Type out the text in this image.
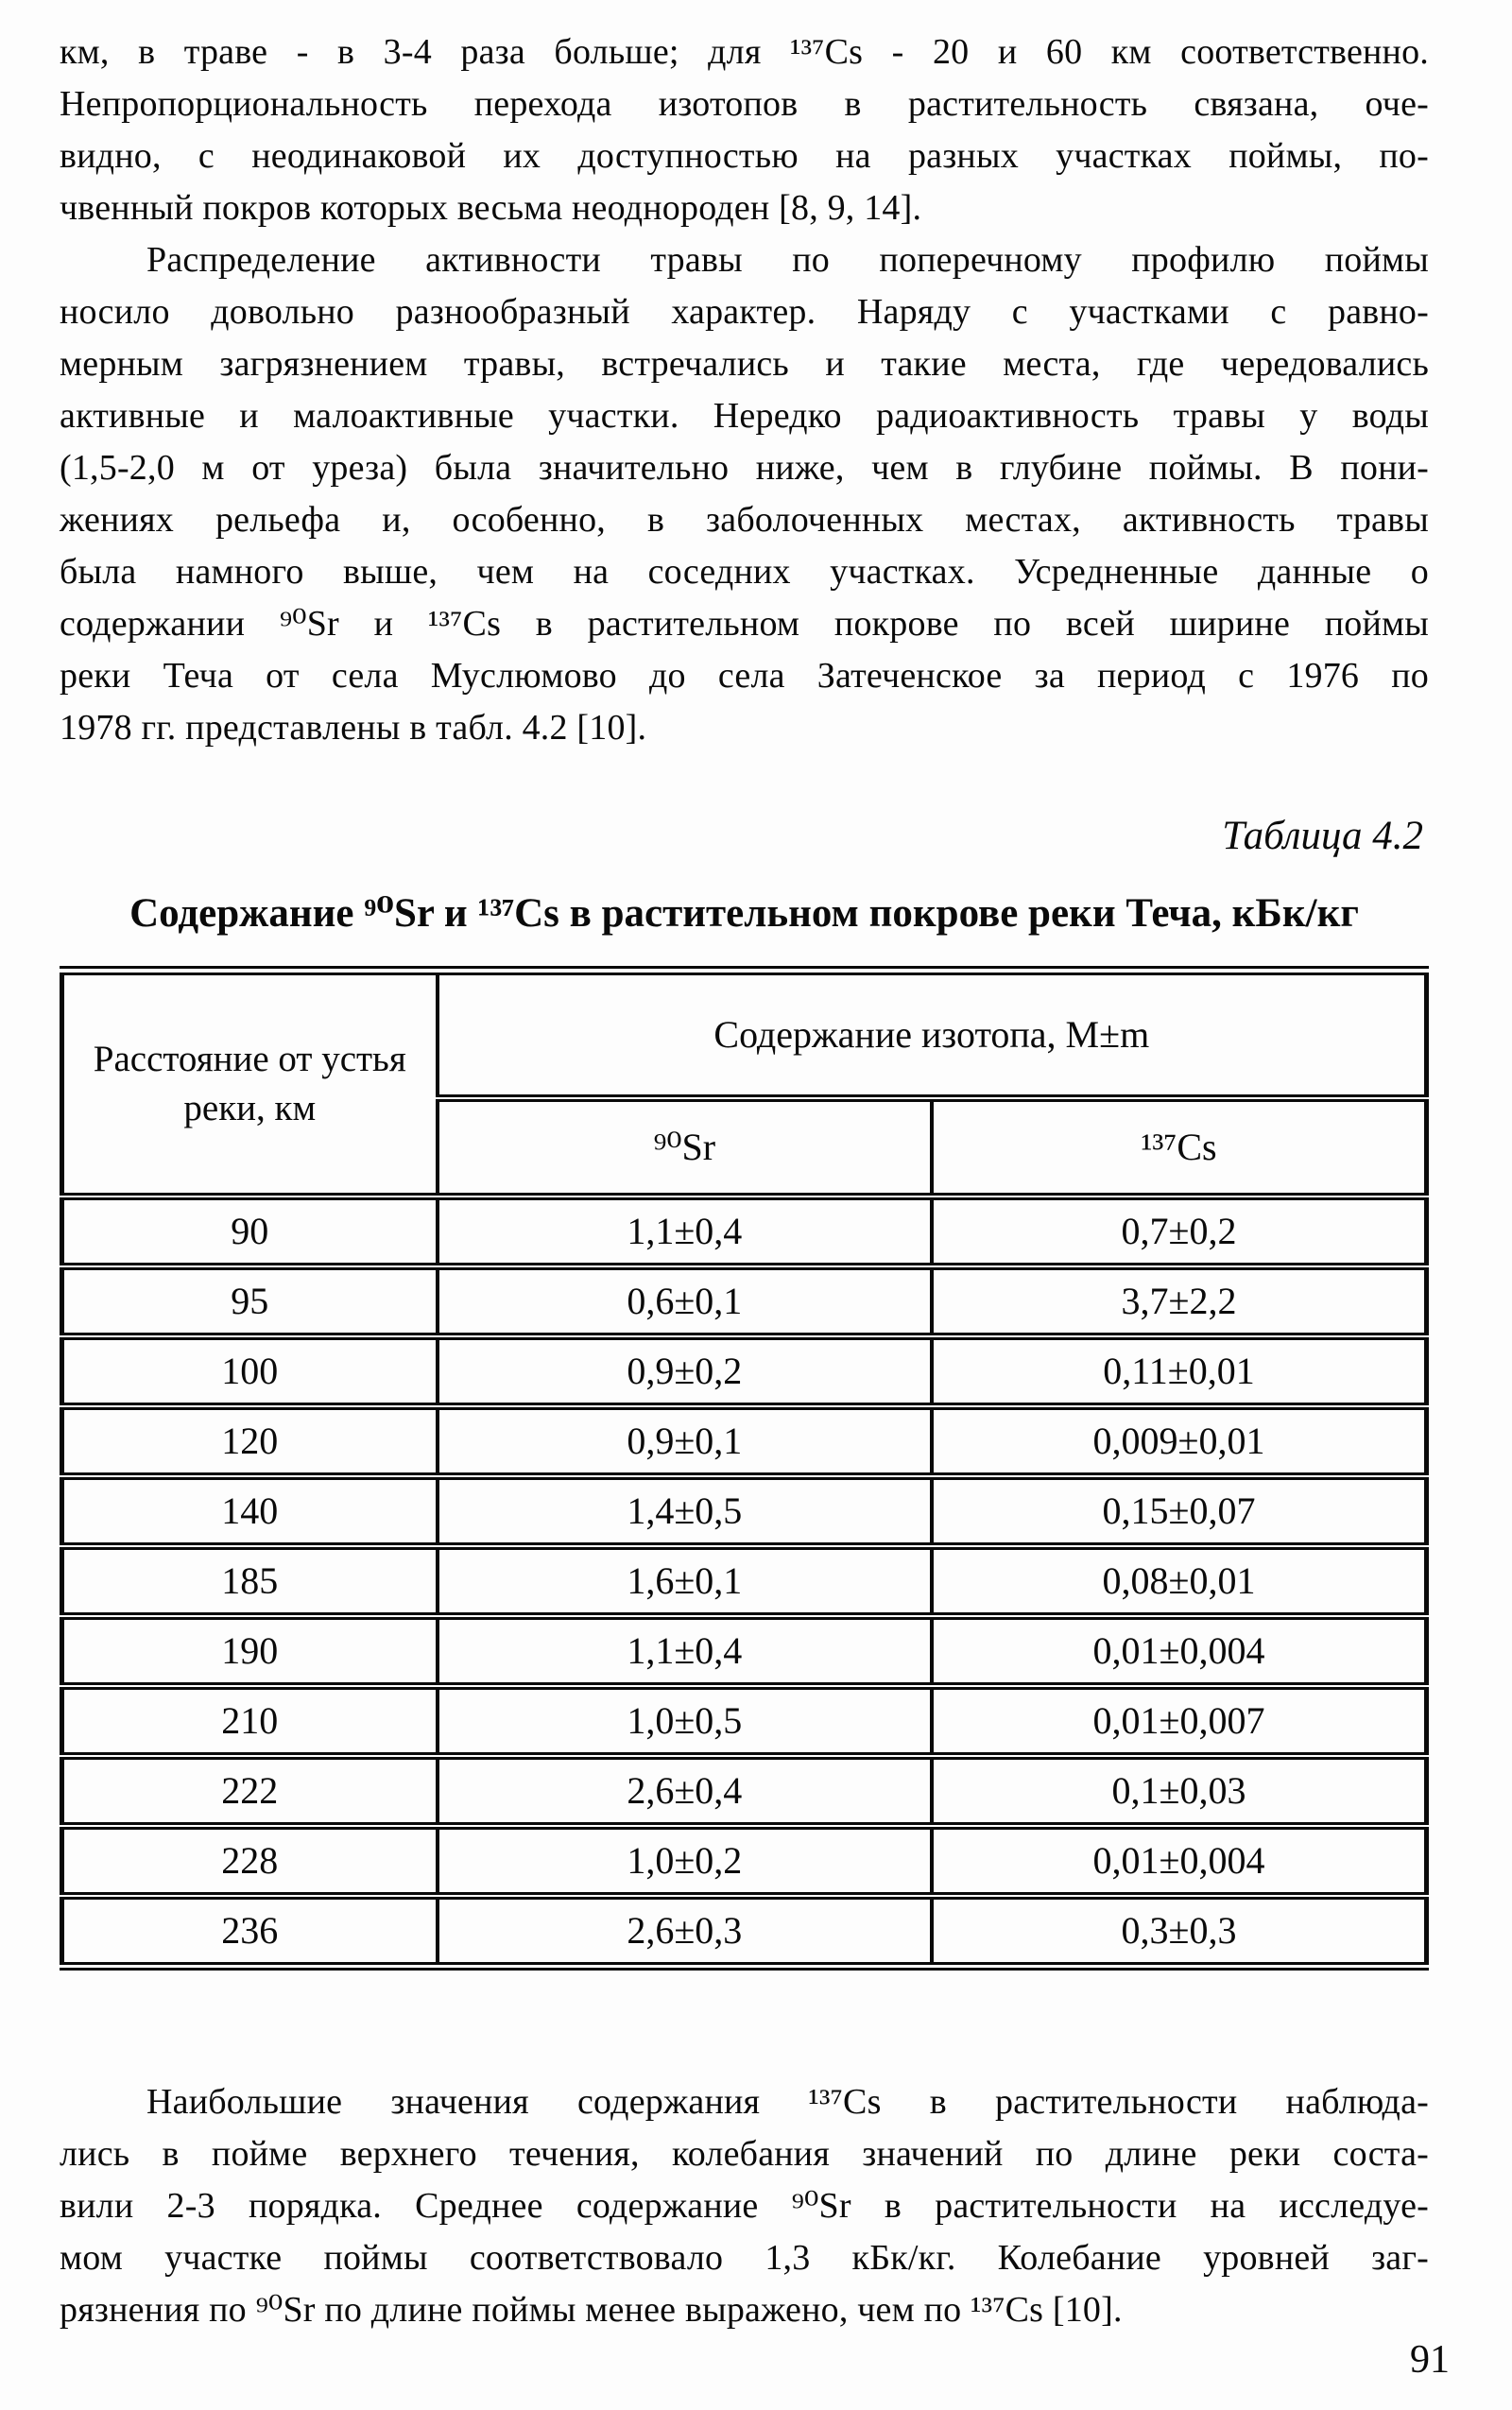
км, в траве - в 3-4 раза больше; для ¹³⁷Cs - 20 и 60 км соответственно.
Непропорциональность перехода изотопов в растительность связана, оче-
видно, с неодинаковой их доступностью на разных участках поймы, по-
чвенный покров которых весьма неоднороден [8, 9, 14].

Распределение активности травы по поперечному профилю поймы
носило довольно разнообразный характер. Наряду с участками с равно-
мерным загрязнением травы, встречались и такие места, где чередовались
активные и малоактивные участки. Нередко радиоактивность травы у воды
(1,5-2,0 м от уреза) была значительно ниже, чем в глубине поймы. В пони-
жениях рельефа и, особенно, в заболоченных местах, активность травы
была намного выше, чем на соседних участках. Усредненные данные о
содержании ⁹⁰Sr и ¹³⁷Cs в растительном покрове по всей ширине поймы
реки Теча от села Муслюмово до села Затеченское за период с 1976 по
1978 гг. представлены в табл. 4.2 [10].

Таблица 4.2
Содержание ⁹⁰Sr и ¹³⁷Cs в растительном покрове реки Теча, кБк/кг
Расстояние от устья реки, км	Содержание изотопа, M±m	
	⁹⁰Sr	¹³⁷Cs
90	1,1±0,4	0,7±0,2
95	0,6±0,1	3,7±2,2
100	0,9±0,2	0,11±0,01
120	0,9±0,1	0,009±0,01
140	1,4±0,5	0,15±0,07
185	1,6±0,1	0,08±0,01
190	1,1±0,4	0,01±0,004
210	1,0±0,5	0,01±0,007
222	2,6±0,4	0,1±0,03
228	1,0±0,2	0,01±0,004
236	2,6±0,3	0,3±0,3

Наибольшие значения содержания ¹³⁷Cs в растительности наблюда-
лись в пойме верхнего течения, колебания значений по длине реки соста-
вили 2-3 порядка. Среднее содержание ⁹⁰Sr в растительности на исследуе-
мом участке поймы соответствовало 1,3 кБк/кг. Колебание уровней заг-
рязнения по ⁹⁰Sr по длине поймы менее выражено, чем по ¹³⁷Cs [10].

91
